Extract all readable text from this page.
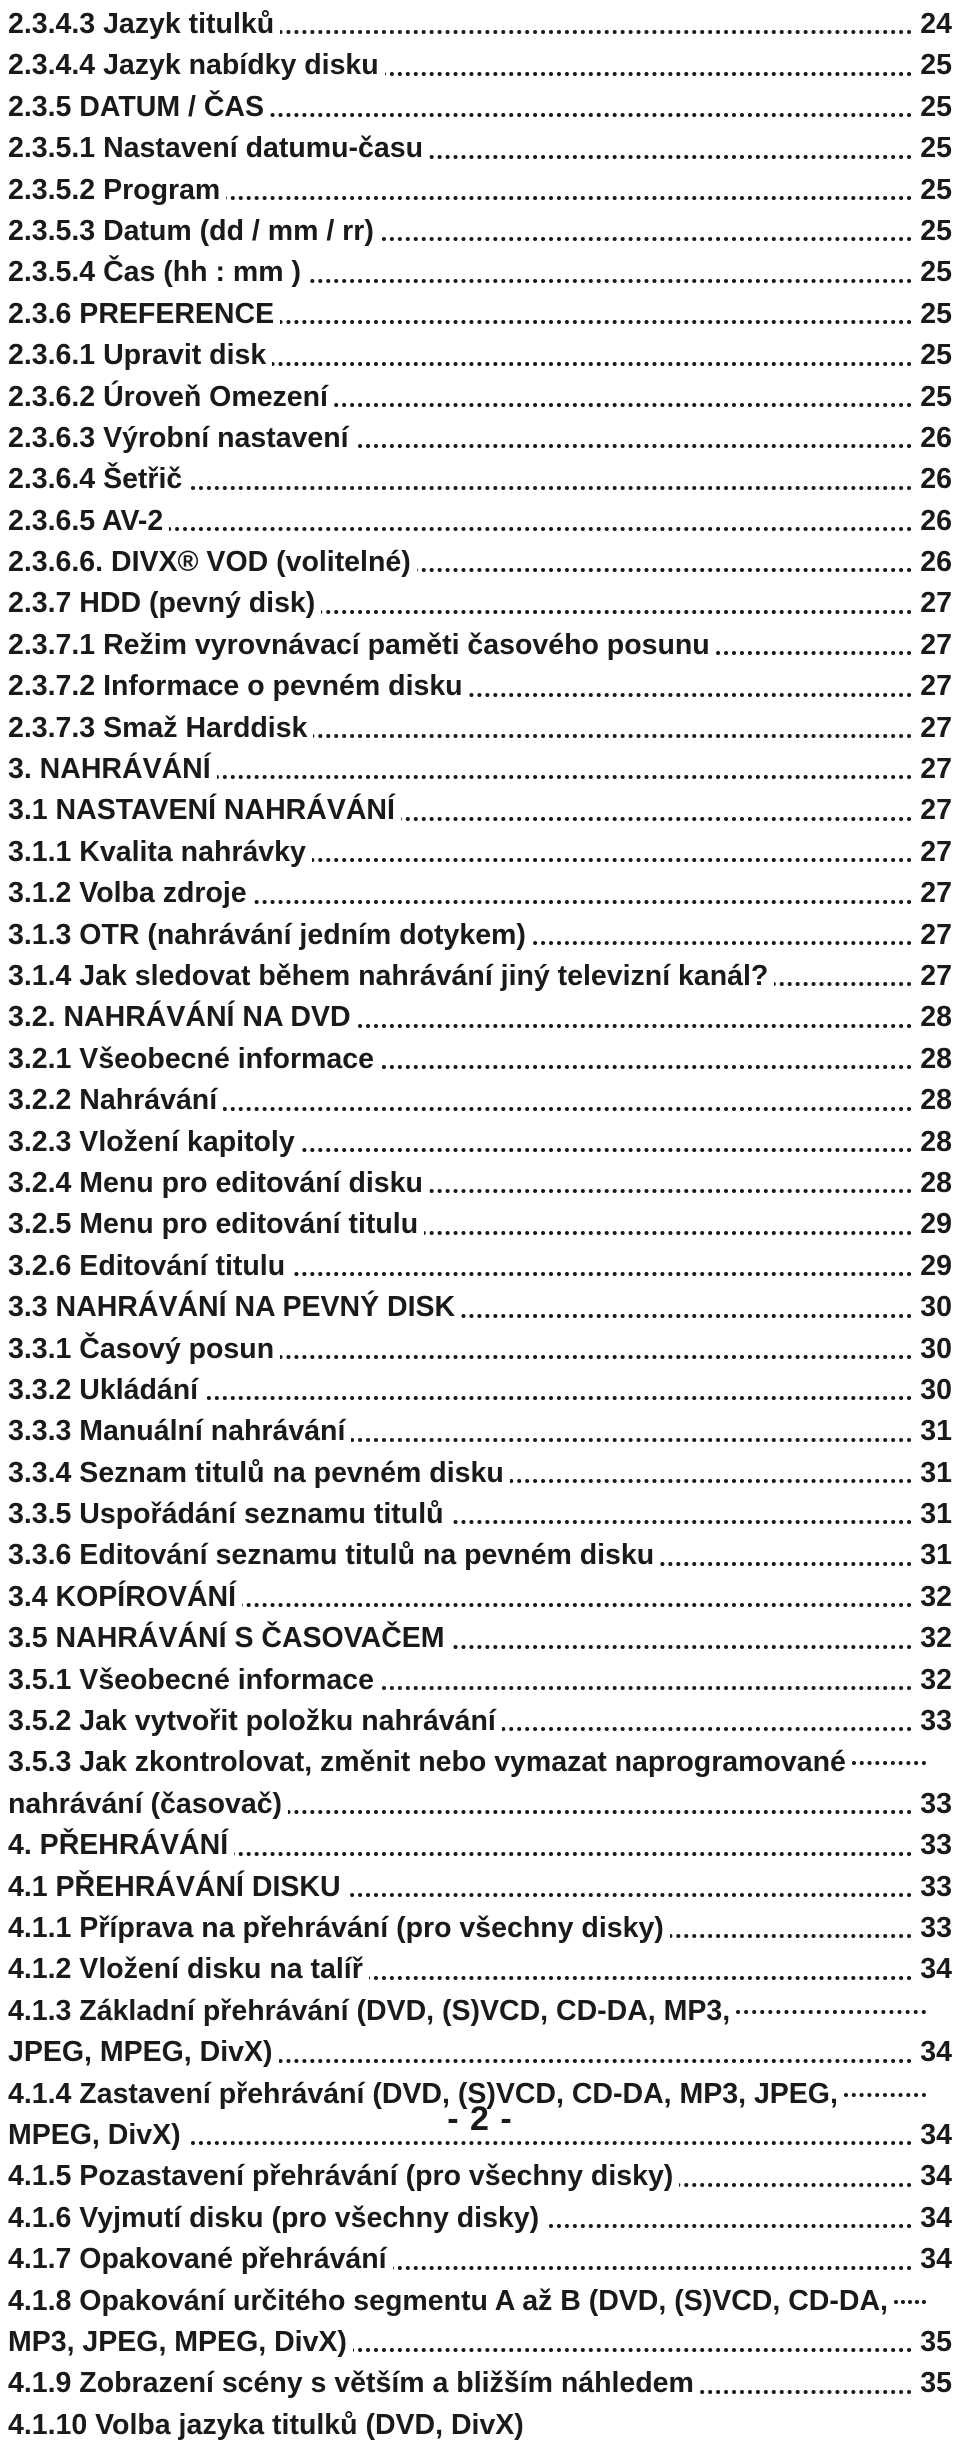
2.3.4.3 Jazyk titulků	24
2.3.4.4 Jazyk nabídky disku	25
2.3.5 DATUM / ČAS	25
2.3.5.1 Nastavení datumu-času	25
2.3.5.2 Program	25
2.3.5.3 Datum (dd / mm / rr)	25
2.3.5.4 Čas (hh : mm )	25
2.3.6 PREFERENCE	25
2.3.6.1 Upravit disk	25
2.3.6.2 Úroveň Omezení	25
2.3.6.3 Výrobní nastavení	26
2.3.6.4 Šetřič	26
2.3.6.5 AV-2	26
2.3.6.6. DIVX® VOD (volitelné)	26
2.3.7 HDD (pevný disk)	27
2.3.7.1 Režim vyrovnávací paměti časového posunu	27
2.3.7.2 Informace o pevném disku	27
2.3.7.3 Smaž Harddisk	27
3. NAHRÁVÁNÍ	27
3.1 NASTAVENÍ NAHRÁVÁNÍ	27
3.1.1 Kvalita nahrávky	27
3.1.2 Volba zdroje	27
3.1.3 OTR (nahrávání jedním dotykem)	27
3.1.4 Jak sledovat během nahrávání jiný televizní kanál?	27
3.2. NAHRÁVÁNÍ NA DVD	28
3.2.1 Všeobecné informace	28
3.2.2 Nahrávání	28
3.2.3 Vložení kapitoly	28
3.2.4 Menu pro editování disku	28
3.2.5 Menu pro editování titulu	29
3.2.6 Editování titulu	29
3.3 NAHRÁVÁNÍ NA PEVNÝ DISK	30
3.3.1 Časový posun	30
3.3.2 Ukládání	30
3.3.3 Manuální nahrávání	31
3.3.4 Seznam titulů na pevném disku	31
3.3.5 Uspořádání seznamu titulů	31
3.3.6 Editování seznamu titulů na pevném disku	31
3.4 KOPÍROVÁNÍ	32
3.5 NAHRÁVÁNÍ S ČASOVAČEM	32
3.5.1 Všeobecné informace	32
3.5.2 Jak vytvořit položku nahrávání	33
3.5.3 Jak zkontrolovat, změnit nebo vymazat naprogramované
nahrávání (časovač)	33
4. PŘEHRÁVÁNÍ	33
4.1 PŘEHRÁVÁNÍ DISKU	33
4.1.1 Příprava na přehrávání (pro všechny disky)	33
4.1.2 Vložení disku na talíř	34
4.1.3 Základní přehrávání (DVD, (S)VCD, CD-DA, MP3,
JPEG, MPEG, DivX)	34
4.1.4 Zastavení přehrávání (DVD, (S)VCD, CD-DA, MP3, JPEG,
MPEG, DivX)	34
4.1.5 Pozastavení přehrávání (pro všechny disky)	34
4.1.6 Vyjmutí disku (pro všechny disky)	34
4.1.7 Opakované přehrávání	34
4.1.8 Opakování určitého segmentu A až B (DVD, (S)VCD, CD-DA,
MP3, JPEG, MPEG, DivX)	35
4.1.9 Zobrazení scény s větším a bližším náhledem	35
4.1.10 Volba jazyka titulků (DVD, DivX)
- 2 -
